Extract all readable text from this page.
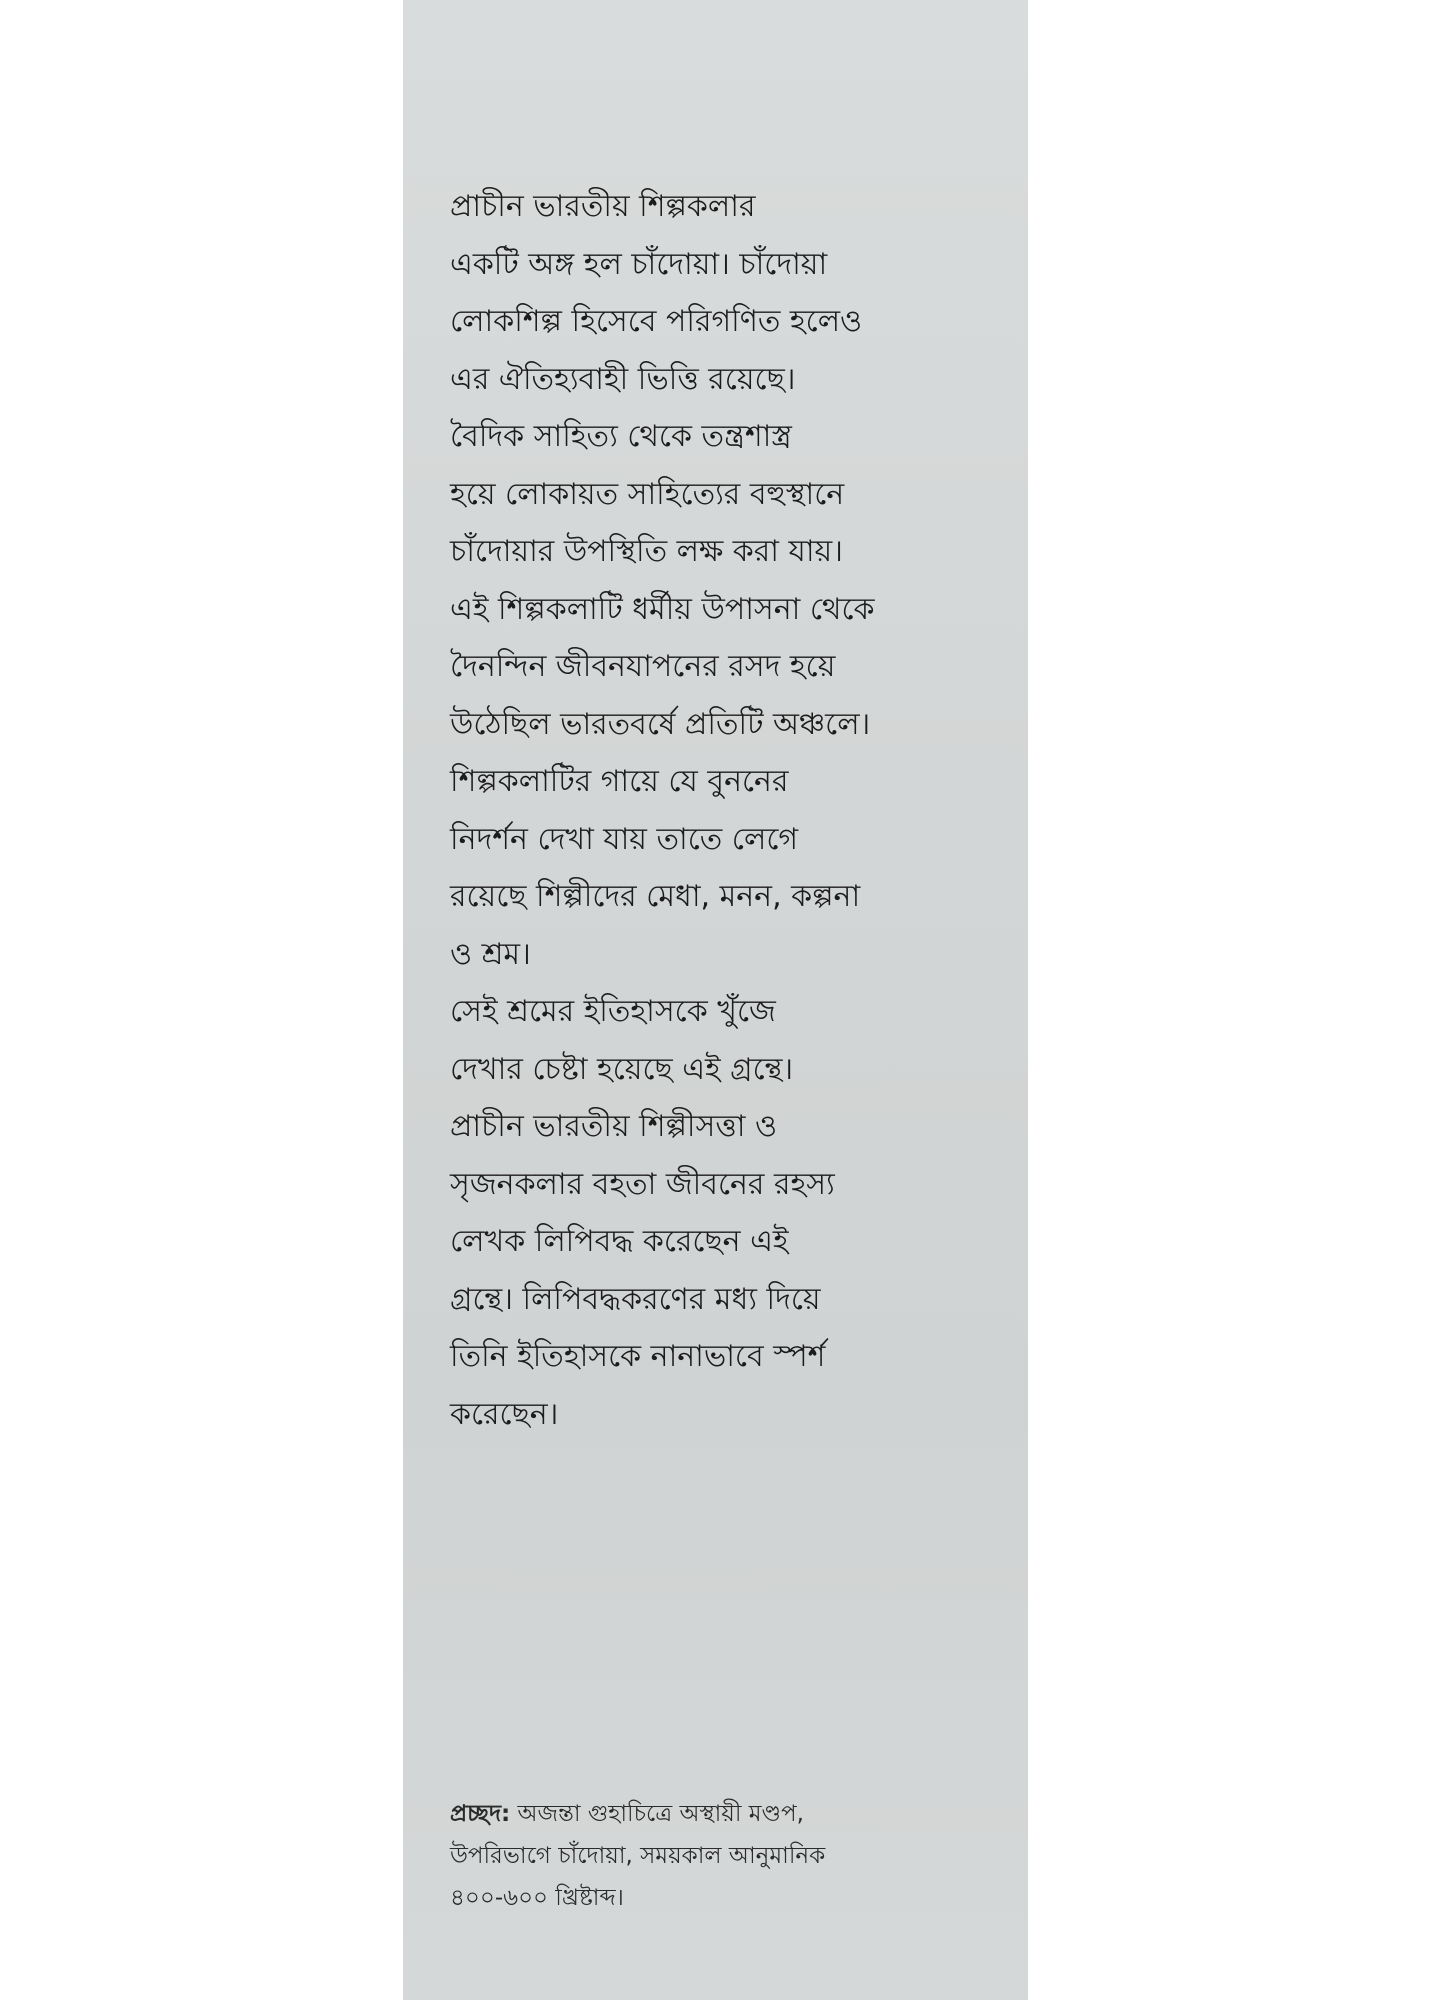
প্রাচীন ভারতীয় শিল্পকলার
একটি অঙ্গ হল চাঁদোয়া। চাঁদোয়া
লোকশিল্প হিসেবে পরিগণিত হলেও
এর ঐতিহ্যবাহী ভিত্তি রয়েছে।
বৈদিক সাহিত্য থেকে তন্ত্রশাস্ত্র
হয়ে লোকায়ত সাহিত্যের বহুস্থানে
চাঁদোয়ার উপস্থিতি লক্ষ করা যায়।
এই শিল্পকলাটি ধর্মীয় উপাসনা থেকে
দৈনন্দিন জীবনযাপনের রসদ হয়ে
উঠেছিল ভারতবর্ষে প্রতিটি অঞ্চলে।
শিল্পকলাটির গায়ে যে বুননের
নিদর্শন দেখা যায় তাতে লেগে
রয়েছে শিল্পীদের মেধা, মনন, কল্পনা
ও শ্রম।
সেই শ্রমের ইতিহাসকে খুঁজে
দেখার চেষ্টা হয়েছে এই গ্রন্থে।
প্রাচীন ভারতীয় শিল্পীসত্তা ও
সৃজনকলার বহতা জীবনের রহস্য
লেখক লিপিবদ্ধ করেছেন এই
গ্রন্থে। লিপিবদ্ধকরণের মধ্য দিয়ে
তিনি ইতিহাসকে নানাভাবে স্পর্শ
করেছেন।
প্রচ্ছদ: অজন্তা গুহাচিত্রে অস্থায়ী মণ্ডপ,
উপরিভাগে চাঁদোয়া, সময়কাল আনুমানিক
৪০০-৬০০ খ্রিষ্টাব্দ।
